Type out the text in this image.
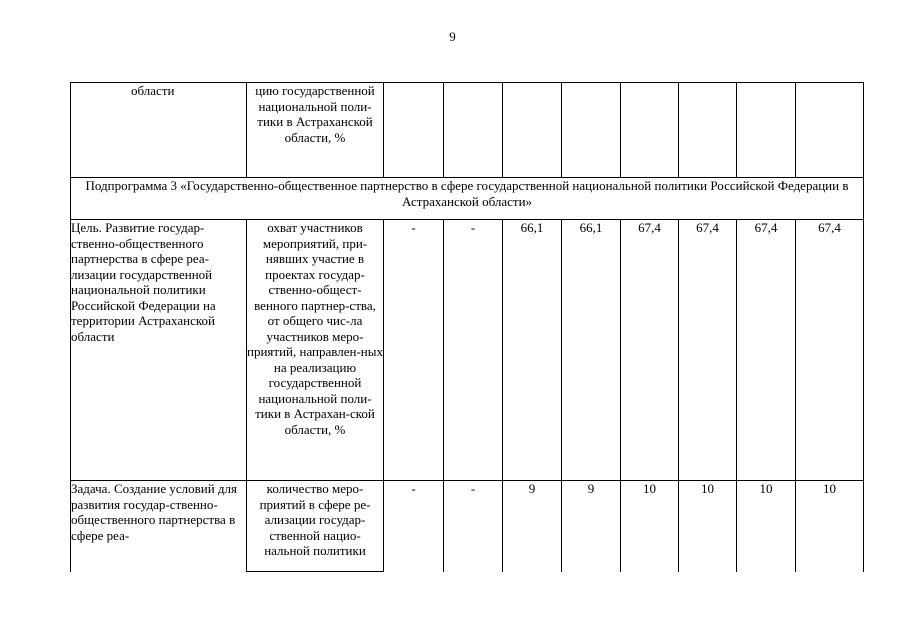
9
области	цию государственной национальной поли-тики в Астраханской области, %								
Подпрограмма 3 «Государственно-общественное партнерство в сфере государственной национальной политики Российской Федерации в Астраханской области»									
Цель. Развитие государ-ственно-общественного партнерства в сфере реа-лизации государственной национальной политики Российской Федерации на территории Астраханской области	охват участников мероприятий, при-нявших участие в проектах государ-ственно-общест-венного партнер-ства, от общего чис-ла участников меро-приятий, направлен-ных на реализацию государственной национальной поли-тики в Астрахан-ской области, %	-	-	66,1	66,1	67,4	67,4	67,4	67,4
Задача. Создание условий для развития государ-ственно-общественного партнерства в сфере реа-	количество меро-приятий в сфере ре-ализации государ-ственной нацио-нальной политики	-	-	9	9	10	10	10	10
